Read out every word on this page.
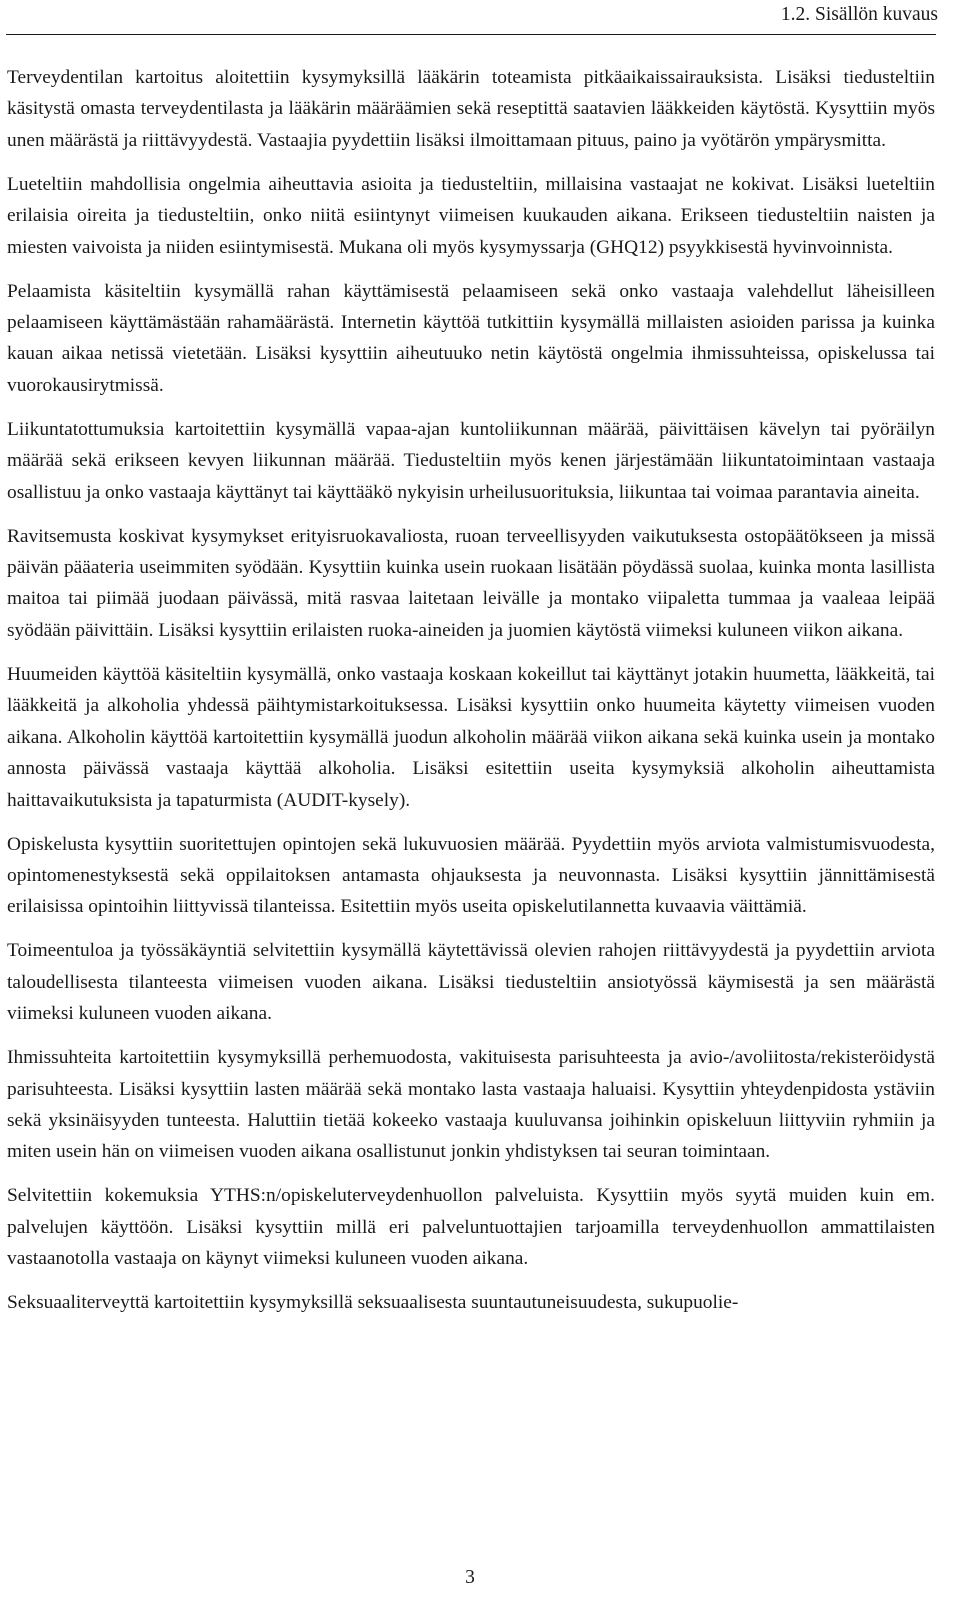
1.2. Sisällön kuvaus

Terveydentilan kartoitus aloitettiin kysymyksillä lääkärin toteamista pitkäaikaissairauksista. Lisäksi tiedusteltiin käsitystä omasta terveydentilasta ja lääkärin määräämien sekä reseptittä saatavien lääkkeiden käytöstä. Kysyttiin myös unen määrästä ja riittävyydestä. Vastaajia pyydettiin lisäksi ilmoittamaan pituus, paino ja vyötärön ympärysmitta.

Lueteltiin mahdollisia ongelmia aiheuttavia asioita ja tiedusteltiin, millaisina vastaajat ne kokivat. Lisäksi lueteltiin erilaisia oireita ja tiedusteltiin, onko niitä esiintynyt viimeisen kuukauden aikana. Erikseen tiedusteltiin naisten ja miesten vaivoista ja niiden esiintymisestä. Mukana oli myös kysymyssarja (GHQ12) psyykkisestä hyvinvoinnista.

Pelaamista käsiteltiin kysymällä rahan käyttämisestä pelaamiseen sekä onko vastaaja valehdellut läheisilleen pelaamiseen käyttämästään rahamäärästä. Internetin käyttöä tutkittiin kysymällä millaisten asioiden parissa ja kuinka kauan aikaa netissä vietetään. Lisäksi kysyttiin aiheutuuko netin käytöstä ongelmia ihmissuhteissa, opiskelussa tai vuorokausirytmissä.

Liikuntatottumuksia kartoitettiin kysymällä vapaa-ajan kuntoliikunnan määrää, päivittäisen kävelyn tai pyöräilyn määrää sekä erikseen kevyen liikunnan määrää. Tiedusteltiin myös kenen järjestämään liikuntatoimintaan vastaaja osallistuu ja onko vastaaja käyttänyt tai käyttääkö nykyisin urheilusuorituksia, liikuntaa tai voimaa parantavia aineita.

Ravitsemusta koskivat kysymykset erityisruokavaliosta, ruoan terveellisyyden vaikutuksesta ostopäätökseen ja missä päivän pääateria useimmiten syödään. Kysyttiin kuinka usein ruokaan lisätään pöydässä suolaa, kuinka monta lasillista maitoa tai piimää juodaan päivässä, mitä rasvaa laitetaan leivälle ja montako viipaletta tummaa ja vaaleaa leipää syödään päivittäin. Lisäksi kysyttiin erilaisten ruoka-aineiden ja juomien käytöstä viimeksi kuluneen viikon aikana.

Huumeiden käyttöä käsiteltiin kysymällä, onko vastaaja koskaan kokeillut tai käyttänyt jotakin huumetta, lääkkeitä, tai lääkkeitä ja alkoholia yhdessä päihtymistarkoituksessa. Lisäksi kysyttiin onko huumeita käytetty viimeisen vuoden aikana. Alkoholin käyttöä kartoitettiin kysymällä juodun alkoholin määrää viikon aikana sekä kuinka usein ja montako annosta päivässä vastaaja käyttää alkoholia. Lisäksi esitettiin useita kysymyksiä alkoholin aiheuttamista haittavaikutuksista ja tapaturmista (AUDIT-kysely).

Opiskelusta kysyttiin suoritettujen opintojen sekä lukuvuosien määrää. Pyydettiin myös arviota valmistumisvuodesta, opintomenestyksestä sekä oppilaitoksen antamasta ohjauksesta ja neuvonnasta. Lisäksi kysyttiin jännittämisestä erilaisissa opintoihin liittyvissä tilanteissa. Esitettiin myös useita opiskelutilannetta kuvaavia väittämiä.

Toimeentuloa ja työssäkäyntiä selvitettiin kysymällä käytettävissä olevien rahojen riittävyydestä ja pyydettiin arviota taloudellisesta tilanteesta viimeisen vuoden aikana. Lisäksi tiedusteltiin ansiotyössä käymisestä ja sen määrästä viimeksi kuluneen vuoden aikana.

Ihmissuhteita kartoitettiin kysymyksillä perhemuodosta, vakituisesta parisuhteesta ja avio-/avoliitosta/rekisteröidystä parisuhteesta. Lisäksi kysyttiin lasten määrää sekä montako lasta vastaaja haluaisi. Kysyttiin yhteydenpidosta ystäviin sekä yksinäisyyden tunteesta. Haluttiin tietää kokeeko vastaaja kuuluvansa joihinkin opiskeluun liittyviin ryhmiin ja miten usein hän on viimeisen vuoden aikana osallistunut jonkin yhdistyksen tai seuran toimintaan.

Selvitettiin kokemuksia YTHS:n/opiskeluterveydenhuollon palveluista. Kysyttiin myös syytä muiden kuin em. palvelujen käyttöön. Lisäksi kysyttiin millä eri palveluntuottajien tarjoamilla terveydenhuollon ammattilaisten vastaanotolla vastaaja on käynyt viimeksi kuluneen vuoden aikana.

Seksuaaliterveyttä kartoitettiin kysymyksillä seksuaalisesta suuntautuneisuudesta, sukupuolie-

3
